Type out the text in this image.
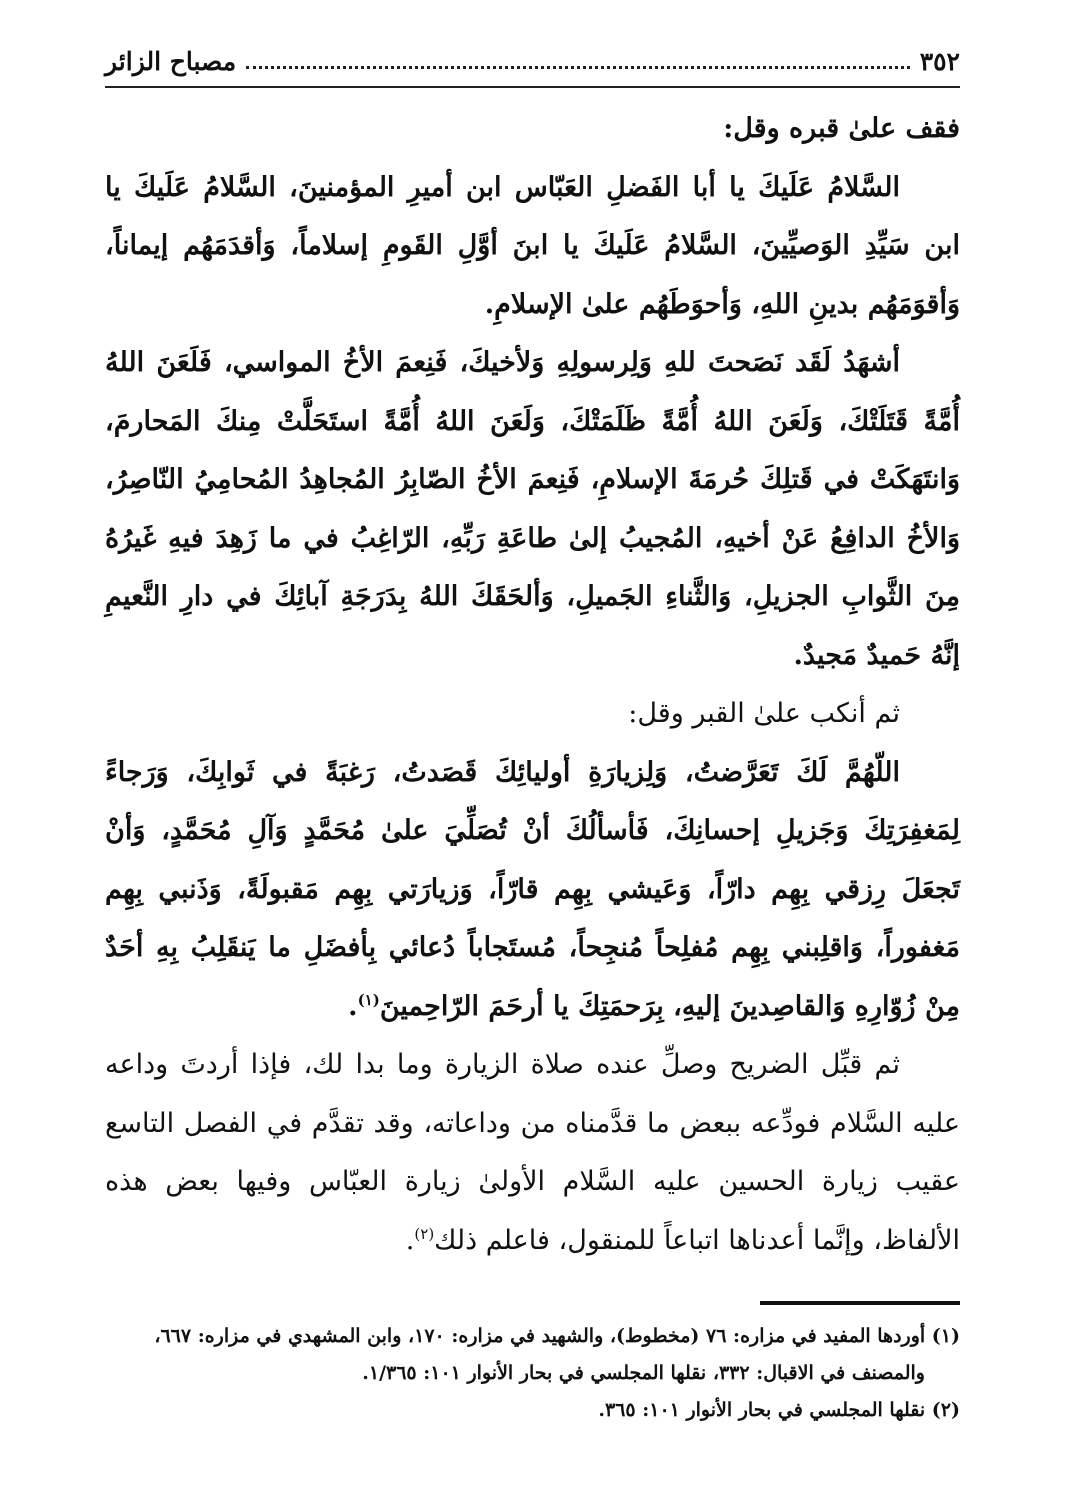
٣٥٢
مصباح الزائر

فقف علىٰ قبره وقل:

السَّلامُ عَلَيكَ يا أبا الفَضلِ العَبّاس ابن أميرِ المؤمنينَ، السَّلامُ عَلَيكَ يا ابن سَيِّدِ الوَصيِّينَ، السَّلامُ عَلَيكَ يا ابنَ أوَّلِ القَومِ إسلاماً، وَأقدَمَهُم إيماناً، وَأقوَمَهُم بدينِ اللهِ، وَأحوَطَهُم علىٰ الإسلامِ.

أشهَدُ لَقَد نَصَحتَ للهِ وَلِرسولِهِ وَلأخيكَ، فَنِعمَ الأخُ المواسي، فَلَعَنَ اللهُ أُمَّةً قَتَلَتْكَ، وَلَعَنَ اللهُ أُمَّةً ظَلَمَتْكَ، وَلَعَنَ اللهُ أُمَّةً استَحَلَّتْ مِنكَ المَحارمَ، وَانتَهَكَتْ في قَتلِكَ حُرمَةَ الإسلامِ، فَنِعمَ الأخُ الصّابِرُ المُجاهِدُ المُحامِيُ النّاصِرُ، وَالأخُ الدافِعُ عَنْ أخيهِ، المُجيبُ إلىٰ طاعَةِ رَبِّهِ، الرّاغِبُ في ما زَهِدَ فيهِ غَيرُهُ مِنَ الثَّوابِ الجزيلِ، وَالثَّناءِ الجَميلِ، وَألحَقَكَ اللهُ بِدَرَجَةِ آبائِكَ في دارِ النَّعيمِ إنَّهُ حَميدٌ مَجيدٌ.

ثم أنكب علىٰ القبر وقل:

اللّهُمَّ لَكَ تَعَرَّضتُ، وَلِزيارَةِ أوليائِكَ قَصَدتُ، رَغبَةً في ثَوابِكَ، وَرَجاءً لِمَغفِرَتِكَ وَجَزيلِ إحسانِكَ، فَأسألُكَ أنْ تُصَلِّيَ علىٰ مُحَمَّدٍ وَآلِ مُحَمَّدٍ، وَأنْ تَجعَلَ رِزقي بِهِم دارّاً، وَعَيشي بِهِم قارّاً، وَزيارَتي بِهِم مَقبولَةً، وَذَنبي بِهِم مَغفوراً، وَاقلِبني بِهِم مُفلِحاً مُنجِحاً، مُستَجاباً دُعائي بِأفضَلِ ما يَنقَلِبُ بِهِ أحَدٌ مِنْ زُوّارِهِ وَالقاصِدينَ إليهِ، بِرَحمَتِكَ يا أرحَمَ الرّاحِمينَ$^{(١)}$.

ثم قبِّل الضريح وصلِّ عنده صلاة الزيارة وما بدا لك، فإذا أردتَ وداعه عليه السَّلام فودِّعه ببعض ما قدَّمناه من وداعاته، وقد تقدَّم في الفصل التاسع عقيب زيارة الحسين عليه السَّلام الأولىٰ زيارة العبّاس وفيها بعض هذه الألفاظ، وإنَّما أعدناها اتباعاً للمنقول، فاعلم ذلك$^{(٢)}$.

(١) أوردها المفيد في مزاره: ٧٦ (مخطوط)، والشهيد في مزاره: ١٧٠، وابن المشهدي في مزاره: ٦٦٧،

والمصنف في الاقبال: ٣٣٢، نقلها المجلسي في بحار الأنوار ١٠١: ١/٣٦٥.

(٢) نقلها المجلسي في بحار الأنوار ١٠١: ٣٦٥.
